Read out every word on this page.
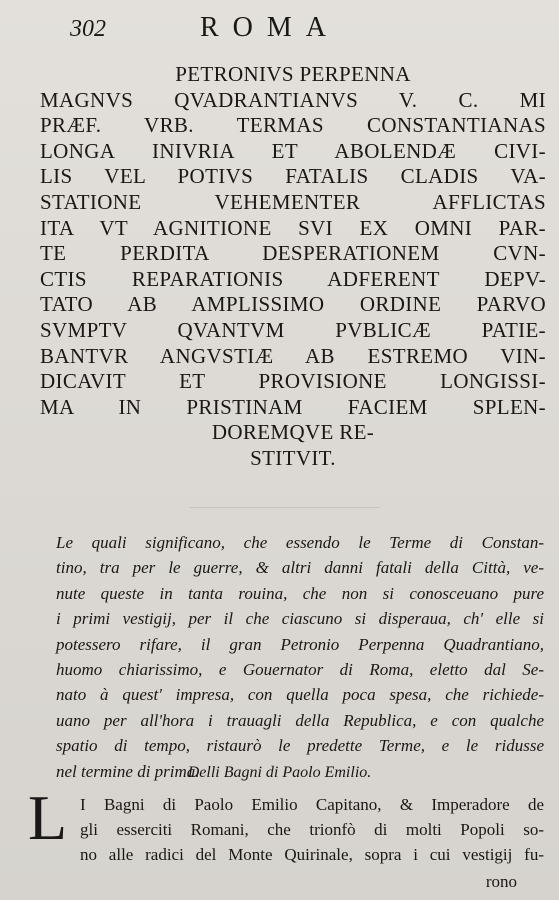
302	ROMA
PETRONIVS PERPENNA
MAGNVS QVADRANTIANVS V. C. MI
PRÆF. VRB. TERMAS CONSTANTIANAS
LONGA INIVRIA ET ABOLENDÆ CIVI-
LIS VEL POTIVS FATALIS CLADIS VA-
STATIONE VEHEMENTER AFFLICTAS
ITA VT AGNITIONE SVI EX OMNI PAR-
TE PERDITA DESPERATIONEM CVN-
CTIS REPARATIONIS ADFERENT DEPV-
TATO AB AMPLISSIMO ORDINE PARVO
SVMPTV QVANTVM PVBLICÆ PATIE-
BANTVR ANGVSTIÆ AB ESTREMO VIN-
DICAVIT ET PROVISIONE LONGISSI-
MA IN PRISTINAM FACIEM SPLEN-
DOREMQVE RE-
STITVIT.
Le quali significano, che essendo le Terme di Constan-
tino, tra per le guerre, & altri danni fatali della Città, ve-
nute queste in tanta rouina, che non si conosceuano pure
i primi vestigij, per il che ciascuno si disperaua, ch' elle si
potessero rifare, il gran Petronio Perpenna Quadrantiano,
huomo chiarissimo, e Gouernator di Roma, eletto dal Se-
nato à quest' impresa, con quella poca spesa, che richiede-
uano per all'hora i trauagli della Republica, e con qualche
spatio di tempo, ristaurò le predette Terme, e le ridusse
nel termine di prima.
Delli Bagni di Paolo Emilio.
L I Bagni di Paolo Emilio Capitano, & Imperadore de
gli esserciti Romani, che trionfò di molti Popoli so-
no alle radici del Monte Quirinale, sopra i cui vestigij fu-
rono
